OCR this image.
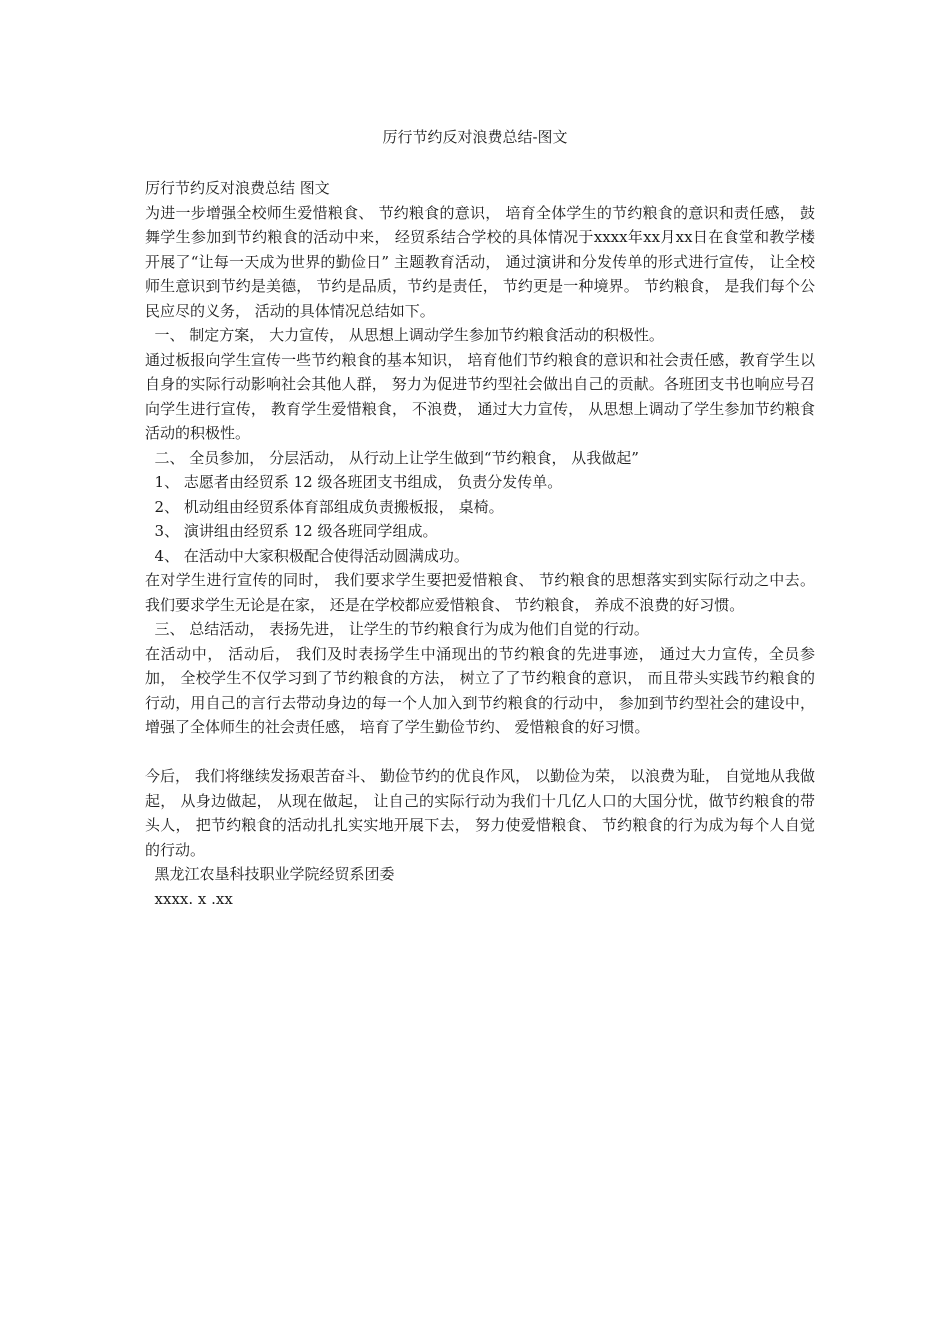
厉行节约反对浪费总结-图文

厉行节约反对浪费总结 图文

为进一步增强全校师生爱惜粮食、 节约粮食的意识， 培育全体学生的节约粮食的意识和责任感， 鼓舞学生参加到节约粮食的活动中来， 经贸系结合学校的具体情况于xxxx年xx月xx日在食堂和教学楼开展了“让每一天成为世界的勤俭日” 主题教育活动， 通过演讲和分发传单的形式进行宣传， 让全校师生意识到节约是美德， 节约是品质，节约是责任， 节约更是一种境界。 节约粮食， 是我们每个公民应尽的义务， 活动的具体情况总结如下。

一、 制定方案， 大力宣传， 从思想上调动学生参加节约粮食活动的积极性。

通过板报向学生宣传一些节约粮食的基本知识， 培育他们节约粮食的意识和社会责任感，教育学生以自身的实际行动影响社会其他人群， 努力为促进节约型社会做出自己的贡献。各班团支书也响应号召向学生进行宣传， 教育学生爱惜粮食， 不浪费， 通过大力宣传， 从思想上调动了学生参加节约粮食活动的积极性。

二、 全员参加， 分层活动， 从行动上让学生做到“节约粮食， 从我做起”

1、 志愿者由经贸系 12 级各班团支书组成， 负责分发传单。

2、 机动组由经贸系体育部组成负责搬板报， 桌椅。

3、 演讲组由经贸系 12 级各班同学组成。

4、 在活动中大家积极配合使得活动圆满成功。

在对学生进行宣传的同时， 我们要求学生要把爱惜粮食、 节约粮食的思想落实到实际行动之中去。 我们要求学生无论是在家， 还是在学校都应爱惜粮食、 节约粮食， 养成不浪费的好习惯。

三、 总结活动， 表扬先进， 让学生的节约粮食行为成为他们自觉的行动。

在活动中， 活动后， 我们及时表扬学生中涌现出的节约粮食的先进事迹， 通过大力宣传，全员参加， 全校学生不仅学习到了节约粮食的方法， 树立了了节约粮食的意识， 而且带头实践节约粮食的行动，用自己的言行去带动身边的每一个人加入到节约粮食的行动中， 参加到节约型社会的建设中， 增强了全体师生的社会责任感， 培育了学生勤俭节约、 爱惜粮食的好习惯。

今后， 我们将继续发扬艰苦奋斗、 勤俭节约的优良作风， 以勤俭为荣， 以浪费为耻， 自觉地从我做起， 从身边做起， 从现在做起， 让自己的实际行动为我们十几亿人口的大国分忧，做节约粮食的带头人， 把节约粮食的活动扎扎实实地开展下去， 努力使爱惜粮食、 节约粮食的行为成为每个人自觉的行动。

黑龙江农垦科技职业学院经贸系团委

xxxx. x .xx
